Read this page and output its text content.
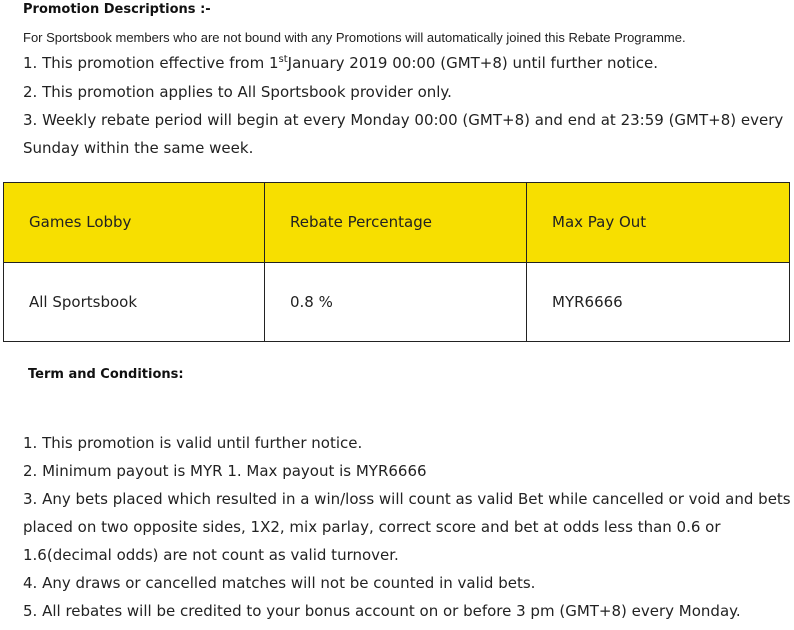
Promotion Descriptions :-
For Sportsbook members who are not bound with any Promotions will automatically joined this Rebate Programme.
1. This promotion effective from 1stJanuary 2019 00:00 (GMT+8) until further notice.
2. This promotion applies to All Sportsbook provider only.
3. Weekly rebate period will begin at every Monday 00:00 (GMT+8) and end at 23:59 (GMT+8) every
Sunday within the same week.
Games Lobby	Rebate Percentage	Max Pay Out
All Sportsbook	0.8 %	MYR6666
Term and Conditions:
1. This promotion is valid until further notice.
2. Minimum payout is MYR 1. Max payout is MYR6666
3. Any bets placed which resulted in a win/loss will count as valid Bet while cancelled or void and bets
placed on two opposite sides, 1X2, mix parlay, correct score and bet at odds less than 0.6 or
1.6(decimal odds) are not count as valid turnover.
4. Any draws or cancelled matches will not be counted in valid bets.
5. All rebates will be credited to your bonus account on or before 3 pm (GMT+8) every Monday.
